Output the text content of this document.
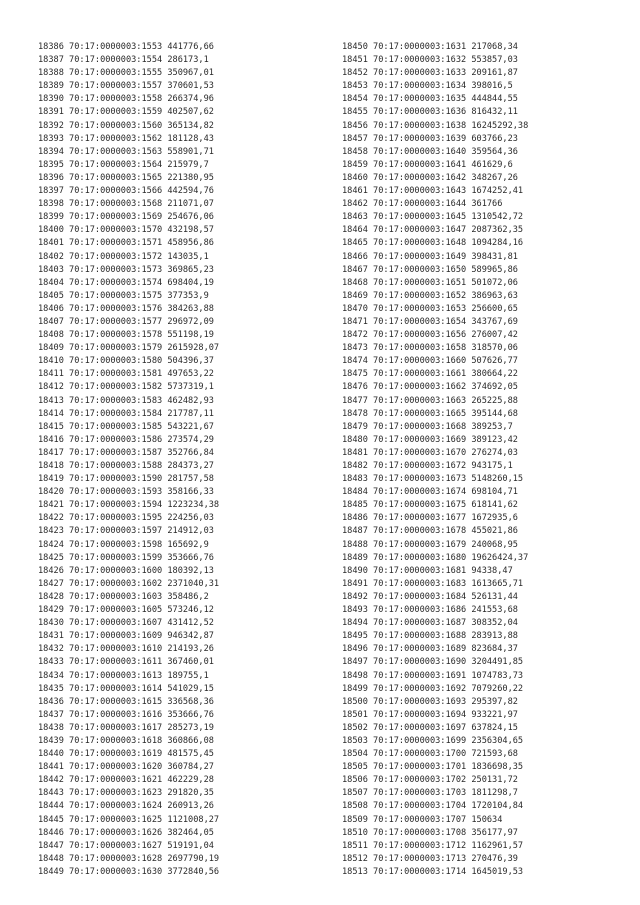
18386 70:17:0000003:1553 441776,66
18387 70:17:0000003:1554 286173,1
18388 70:17:0000003:1555 350967,01
18389 70:17:0000003:1557 370601,53
18390 70:17:0000003:1558 266374,96
18391 70:17:0000003:1559 402507,62
18392 70:17:0000003:1560 365134,82
18393 70:17:0000003:1562 181128,43
18394 70:17:0000003:1563 558901,71
18395 70:17:0000003:1564 215979,7
18396 70:17:0000003:1565 221380,95
18397 70:17:0000003:1566 442594,76
18398 70:17:0000003:1568 211071,07
18399 70:17:0000003:1569 254676,06
18400 70:17:0000003:1570 432198,57
18401 70:17:0000003:1571 458956,86
18402 70:17:0000003:1572 143035,1
18403 70:17:0000003:1573 369865,23
18404 70:17:0000003:1574 698404,19
18405 70:17:0000003:1575 377353,9
18406 70:17:0000003:1576 384263,88
18407 70:17:0000003:1577 296972,09
18408 70:17:0000003:1578 551198,19
18409 70:17:0000003:1579 2615928,07
18410 70:17:0000003:1580 504396,37
18411 70:17:0000003:1581 497653,22
18412 70:17:0000003:1582 5737319,1
18413 70:17:0000003:1583 462482,93
18414 70:17:0000003:1584 217787,11
18415 70:17:0000003:1585 543221,67
18416 70:17:0000003:1586 273574,29
18417 70:17:0000003:1587 352766,84
18418 70:17:0000003:1588 284373,27
18419 70:17:0000003:1590 281757,58
18420 70:17:0000003:1593 358166,33
18421 70:17:0000003:1594 1223234,38
18422 70:17:0000003:1595 224256,03
18423 70:17:0000003:1597 214912,03
18424 70:17:0000003:1598 165692,9
18425 70:17:0000003:1599 353666,76
18426 70:17:0000003:1600 180392,13
18427 70:17:0000003:1602 2371040,31
18428 70:17:0000003:1603 358486,2
18429 70:17:0000003:1605 573246,12
18430 70:17:0000003:1607 431412,52
18431 70:17:0000003:1609 946342,87
18432 70:17:0000003:1610 214193,26
18433 70:17:0000003:1611 367460,01
18434 70:17:0000003:1613 189755,1
18435 70:17:0000003:1614 541029,15
18436 70:17:0000003:1615 336568,36
18437 70:17:0000003:1616 353666,76
18438 70:17:0000003:1617 285273,19
18439 70:17:0000003:1618 360866,08
18440 70:17:0000003:1619 481575,45
18441 70:17:0000003:1620 360784,27
18442 70:17:0000003:1621 462229,28
18443 70:17:0000003:1623 291820,35
18444 70:17:0000003:1624 260913,26
18445 70:17:0000003:1625 1121008,27
18446 70:17:0000003:1626 382464,05
18447 70:17:0000003:1627 519191,04
18448 70:17:0000003:1628 2697790,19
18449 70:17:0000003:1630 3772840,56
18450 70:17:0000003:1631 217068,34
18451 70:17:0000003:1632 553857,03
18452 70:17:0000003:1633 209161,87
18453 70:17:0000003:1634 398016,5
18454 70:17:0000003:1635 444844,55
18455 70:17:0000003:1636 816432,11
18456 70:17:0000003:1638 16245292,38
18457 70:17:0000003:1639 603766,23
18458 70:17:0000003:1640 359564,36
18459 70:17:0000003:1641 461629,6
18460 70:17:0000003:1642 348267,26
18461 70:17:0000003:1643 1674252,41
18462 70:17:0000003:1644 361766
18463 70:17:0000003:1645 1310542,72
18464 70:17:0000003:1647 2087362,35
18465 70:17:0000003:1648 1094284,16
18466 70:17:0000003:1649 398431,81
18467 70:17:0000003:1650 589965,86
18468 70:17:0000003:1651 501072,06
18469 70:17:0000003:1652 386963,63
18470 70:17:0000003:1653 256600,65
18471 70:17:0000003:1654 343767,69
18472 70:17:0000003:1656 276007,42
18473 70:17:0000003:1658 318570,06
18474 70:17:0000003:1660 507626,77
18475 70:17:0000003:1661 380664,22
18476 70:17:0000003:1662 374692,05
18477 70:17:0000003:1663 265225,88
18478 70:17:0000003:1665 395144,68
18479 70:17:0000003:1668 389253,7
18480 70:17:0000003:1669 389123,42
18481 70:17:0000003:1670 276274,03
18482 70:17:0000003:1672 943175,1
18483 70:17:0000003:1673 5148260,15
18484 70:17:0000003:1674 698104,71
18485 70:17:0000003:1675 618141,62
18486 70:17:0000003:1677 1672935,6
18487 70:17:0000003:1678 455021,86
18488 70:17:0000003:1679 240068,95
18489 70:17:0000003:1680 19626424,37
18490 70:17:0000003:1681 94338,47
18491 70:17:0000003:1683 1613665,71
18492 70:17:0000003:1684 526131,44
18493 70:17:0000003:1686 241553,68
18494 70:17:0000003:1687 308352,04
18495 70:17:0000003:1688 283913,88
18496 70:17:0000003:1689 823684,37
18497 70:17:0000003:1690 3204491,85
18498 70:17:0000003:1691 1074783,73
18499 70:17:0000003:1692 7079260,22
18500 70:17:0000003:1693 295397,82
18501 70:17:0000003:1694 933221,97
18502 70:17:0000003:1697 637824,15
18503 70:17:0000003:1699 2356304,65
18504 70:17:0000003:1700 721593,68
18505 70:17:0000003:1701 1836698,35
18506 70:17:0000003:1702 250131,72
18507 70:17:0000003:1703 1811298,7
18508 70:17:0000003:1704 1720104,84
18509 70:17:0000003:1707 150634
18510 70:17:0000003:1708 356177,97
18511 70:17:0000003:1712 1162961,57
18512 70:17:0000003:1713 270476,39
18513 70:17:0000003:1714 1645019,53
